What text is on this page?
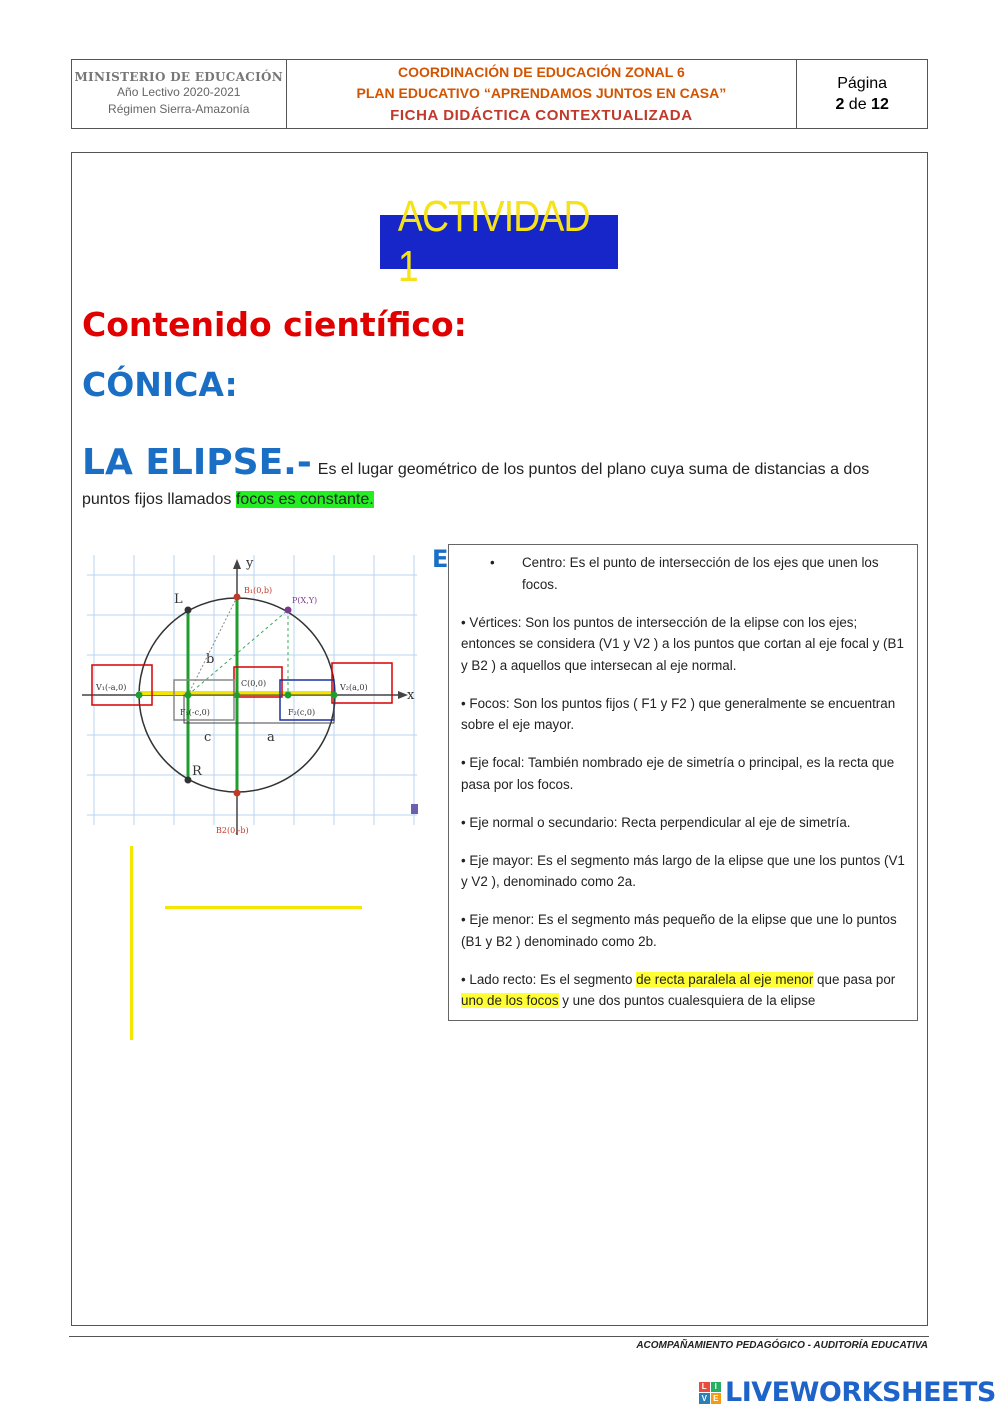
MINISTERIO DE EDUCACIÓN
Año Lectivo 2020-2021
Régimen Sierra-Amazonía
COORDINACIÓN DE EDUCACIÓN ZONAL 6
PLAN EDUCATIVO “APRENDAMOS JUNTOS EN CASA”
FICHA DIDÁCTICA CONTEXTUALIZADA
Página
2 de 12
ACTIVIDAD 1
Contenido científico:
CÓNICA:
LA ELIPSE.- Es el lugar geométrico de los puntos del plano cuya suma de distancias a dos puntos fijos llamados focos es constante.
x
y
L
R
b
c	a
V₁(-a,0)	V₂(a,0)
C(0,0)
F₁(-c,0)	F₂(c,0)
B₁(0,b)
B2(0,-b)
P(X,Y)
E	• Centro: Es el punto de intersección de los ejes que unen los focos.

• Vértices: Son los puntos de intersección de la elipse con los ejes; entonces se considera (V1 y V2 ) a los puntos que cortan al eje focal y (B1 y B2 ) a aquellos que intersecan al eje normal.

• Focos: Son los puntos fijos ( F1 y F2 ) que generalmente se encuentran sobre el eje mayor.

• Eje focal: También nombrado eje de simetría o principal, es la recta que pasa por los focos.

• Eje normal o secundario: Recta perpendicular al eje de simetría.

• Eje mayor: Es el segmento más largo de la elipse que une los puntos (V1 y V2 ), denominado como 2a.

• Eje menor: Es el segmento más pequeño de la elipse que une lo puntos (B1 y B2 ) denominado como 2b.

• Lado recto: Es el segmento de recta paralela al eje menor que pasa por uno de los focos y une dos puntos cualesquiera de la elipse

ACOMPAÑAMIENTO PEDAGÓGICO - AUDITORÍA EDUCATIVA
L I
V E LIVEWORKSHEETS
